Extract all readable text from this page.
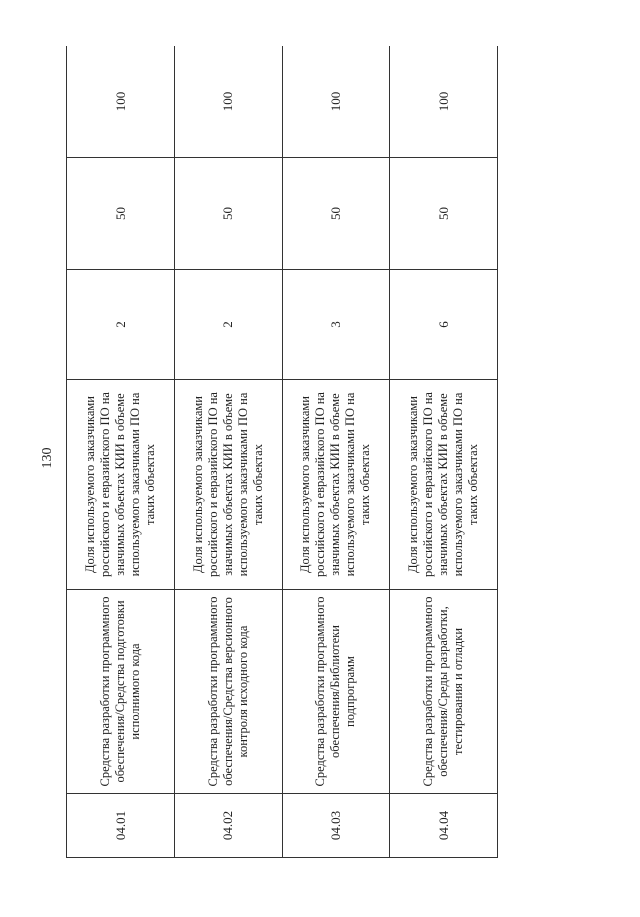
130
04.01	Средства разработки программного обеспечения/Средства подготовки исполнимого кода	Доля используемого заказчиками российского и евразийского ПО на значимых объектах КИИ в объеме используемого заказчиками ПО на таких объектах	2	50	100
04.02	Средства разработки программного обеспечения/Средства версионного контроля исходного кода	Доля используемого заказчиками российского и евразийского ПО на значимых объектах КИИ в объеме используемого заказчиками ПО на таких объектах	2	50	100
04.03	Средства разработки программного обеспечения/Библиотеки подпрограмм	Доля используемого заказчиками российского и евразийского ПО на значимых объектах КИИ в объеме используемого заказчиками ПО на таких объектах	3	50	100
04.04	Средства разработки программного обеспечения/Среды разработки, тестирования и отладки	Доля используемого заказчиками российского и евразийского ПО на значимых объектах КИИ в объеме используемого заказчиками ПО на таких объектах	6	50	100
